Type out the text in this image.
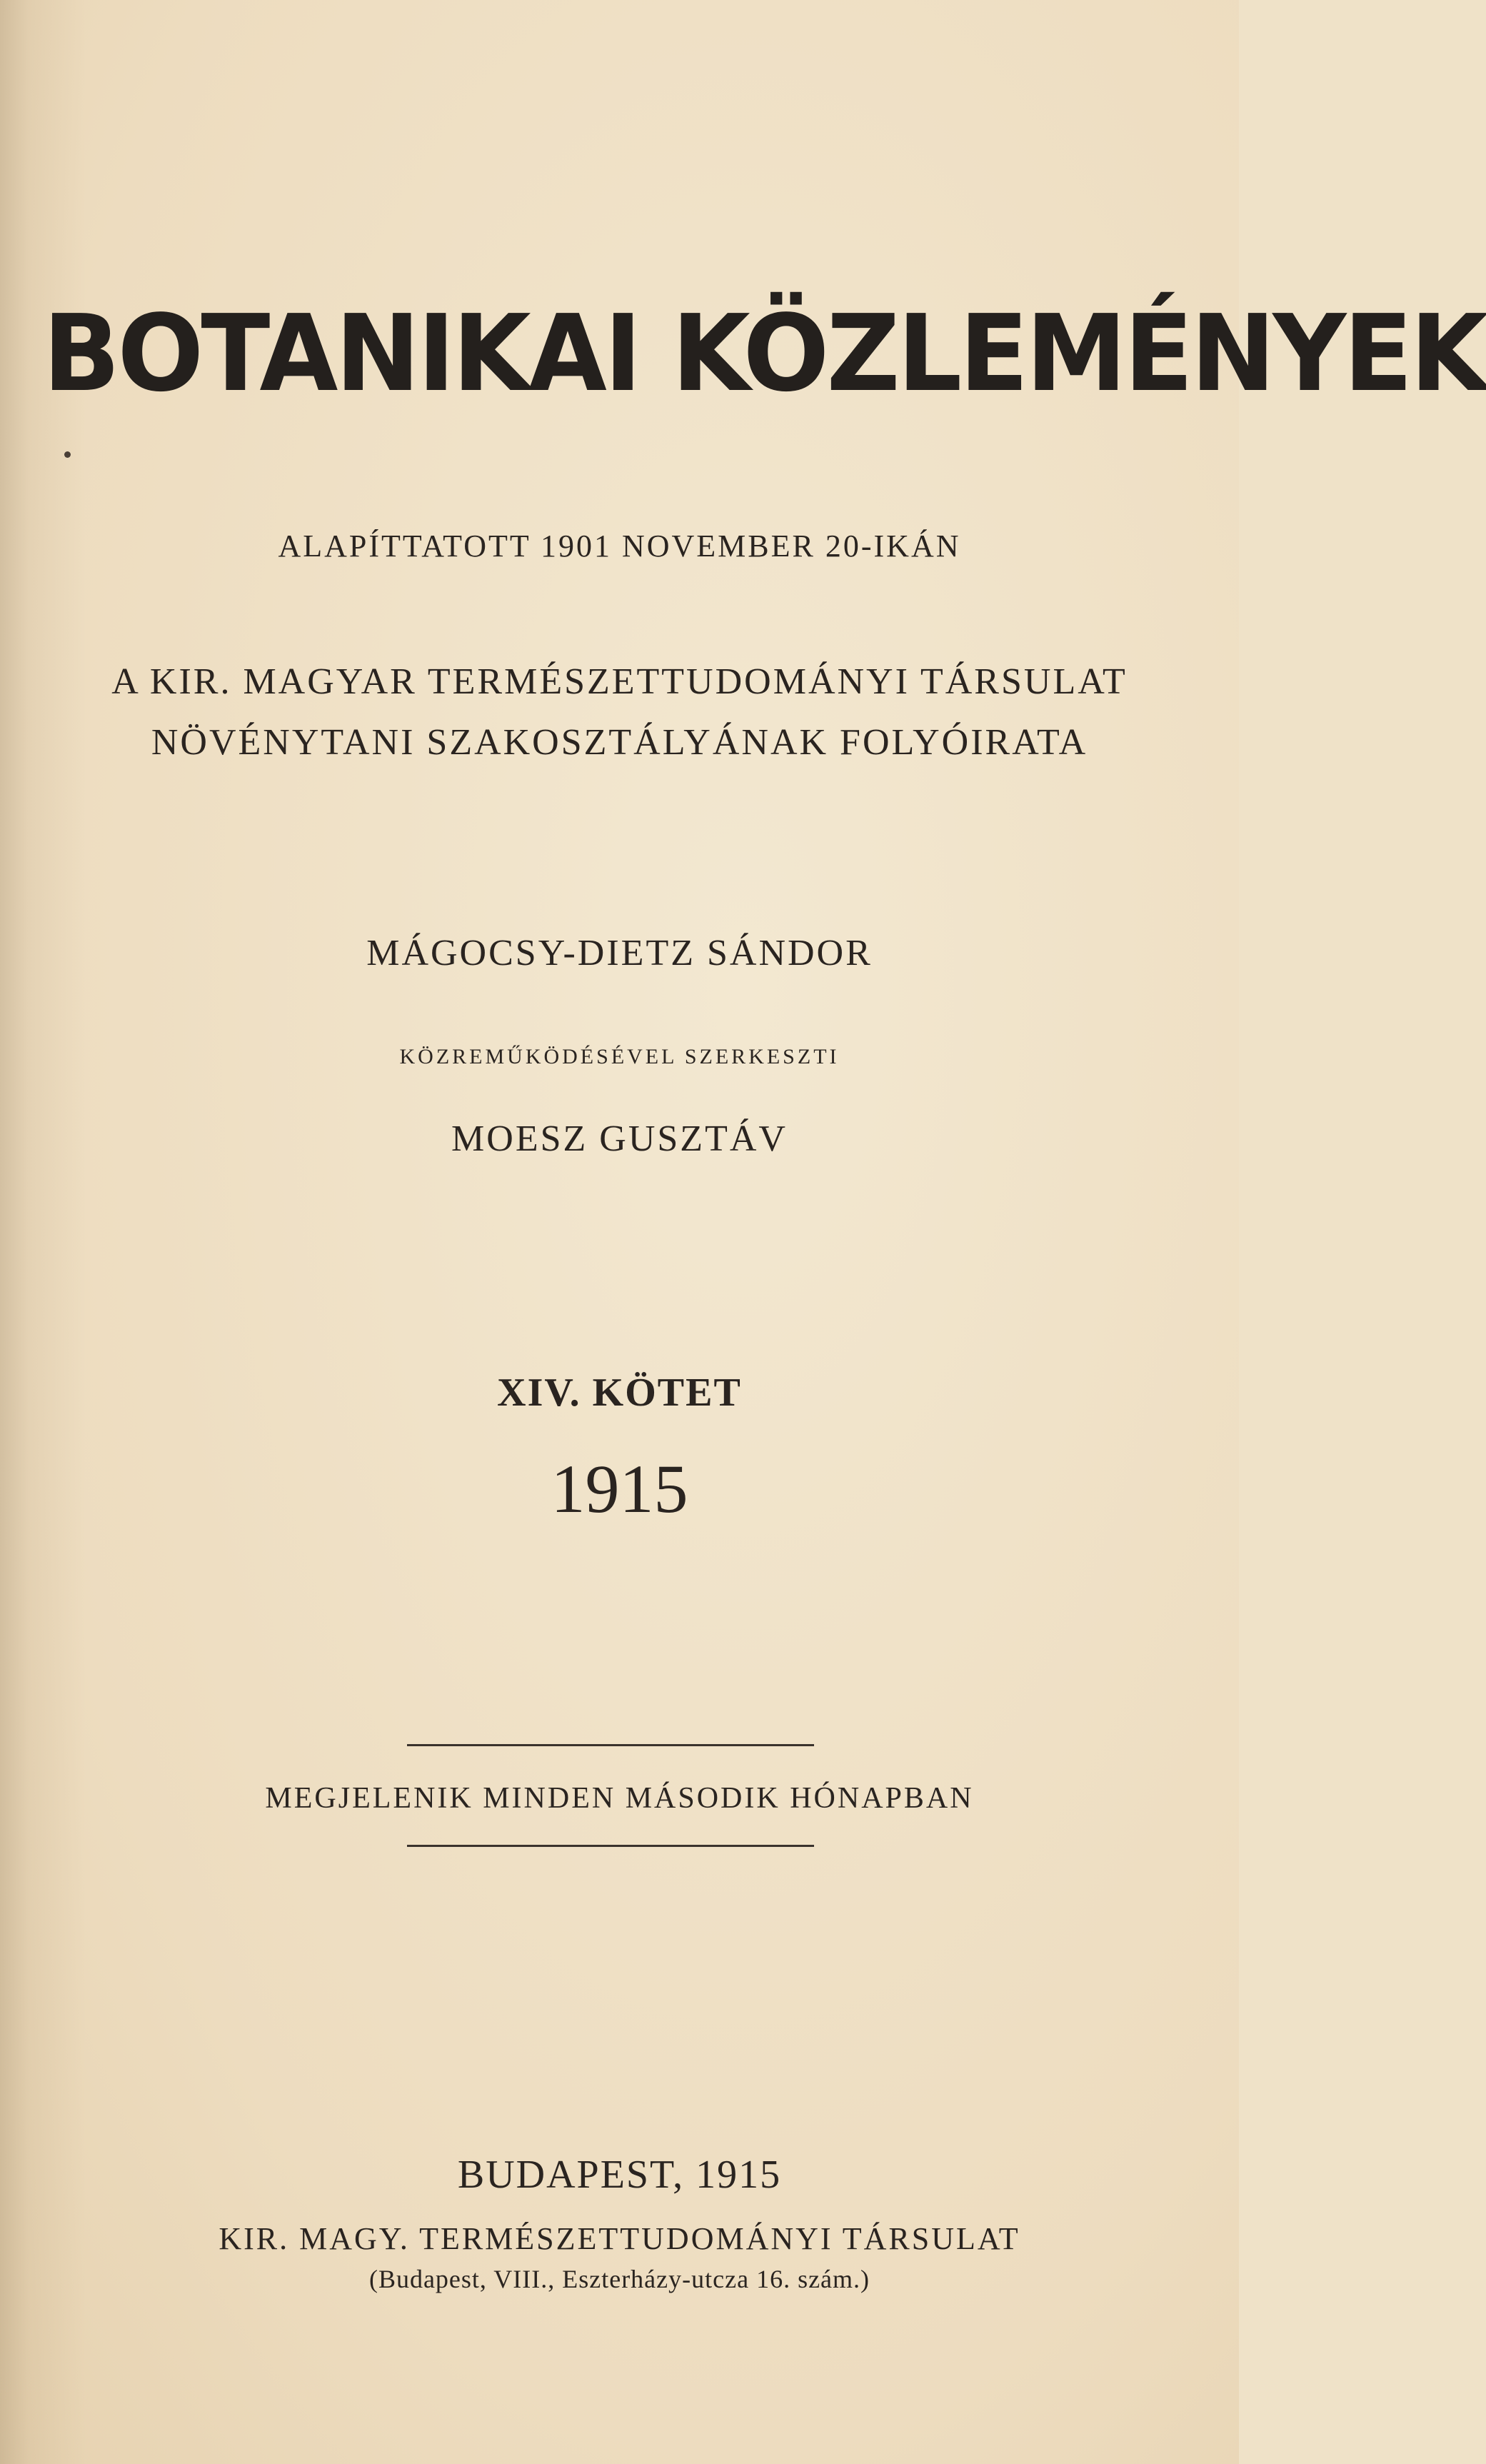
BOTANIKAI KÖZLEMÉNYEK
ALAPÍTTATOTT 1901 NOVEMBER 20-IKÁN
A KIR. MAGYAR TERMÉSZETTUDOMÁNYI TÁRSULAT
NÖVÉNYTANI SZAKOSZTÁLYÁNAK FOLYÓIRATA
MÁGOCSY-DIETZ SÁNDOR
KÖZREMŰKÖDÉSÉVEL SZERKESZTI
MOESZ GUSZTÁV
XIV. KÖTET
1915
MEGJELENIK MINDEN MÁSODIK HÓNAPBAN
BUDAPEST, 1915
KIR. MAGY. TERMÉSZETTUDOMÁNYI TÁRSULAT
(Budapest, VIII., Eszterházy-utcza 16. szám.)
